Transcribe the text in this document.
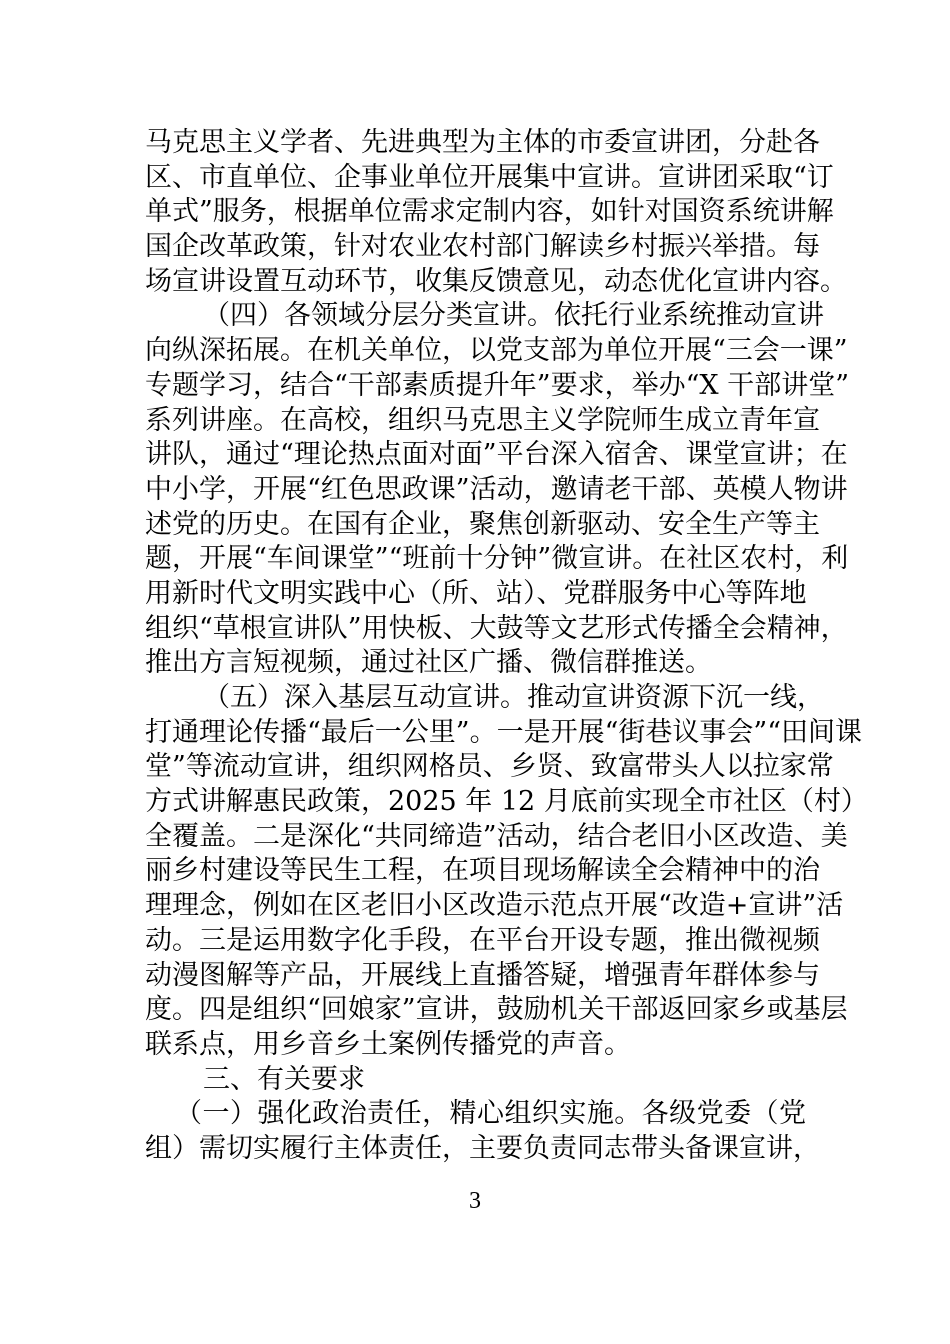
马克思主义学者、先进典型为主体的市委宣讲团，分赴各
区、市直单位、企事业单位开展集中宣讲。宣讲团采取“订
单式”服务，根据单位需求定制内容，如针对国资系统讲解
国企改革政策，针对农业农村部门解读乡村振兴举措。每
场宣讲设置互动环节，收集反馈意见，动态优化宣讲内容。
（四）各领域分层分类宣讲。依托行业系统推动宣讲
向纵深拓展。在机关单位，以党支部为单位开展“三会一课”
专题学习，结合“干部素质提升年”要求，举办“X 干部讲堂”
系列讲座。在高校，组织马克思主义学院师生成立青年宣
讲队，通过“理论热点面对面”平台深入宿舍、课堂宣讲；在
中小学，开展“红色思政课”活动，邀请老干部、英模人物讲
述党的历史。在国有企业，聚焦创新驱动、安全生产等主
题，开展“车间课堂”“班前十分钟”微宣讲。在社区农村，利
用新时代文明实践中心（所、站）、党群服务中心等阵地
组织“草根宣讲队”用快板、大鼓等文艺形式传播全会精神，
推出方言短视频，通过社区广播、微信群推送。
（五）深入基层互动宣讲。推动宣讲资源下沉一线，
打通理论传播“最后一公里”。一是开展“街巷议事会”“田间课
堂”等流动宣讲，组织网格员、乡贤、致富带头人以拉家常
方式讲解惠民政策，2025 年 12 月底前实现全市社区（村）
全覆盖。二是深化“共同缔造”活动，结合老旧小区改造、美
丽乡村建设等民生工程，在项目现场解读全会精神中的治
理理念，例如在区老旧小区改造示范点开展“改造+宣讲”活
动。三是运用数字化手段，在平台开设专题，推出微视频
动漫图解等产品，开展线上直播答疑，增强青年群体参与
度。四是组织“回娘家”宣讲，鼓励机关干部返回家乡或基层
联系点，用乡音乡土案例传播党的声音。
三、有关要求
（一）强化政治责任，精心组织实施。各级党委（党
组）需切实履行主体责任，主要负责同志带头备课宣讲，
3
